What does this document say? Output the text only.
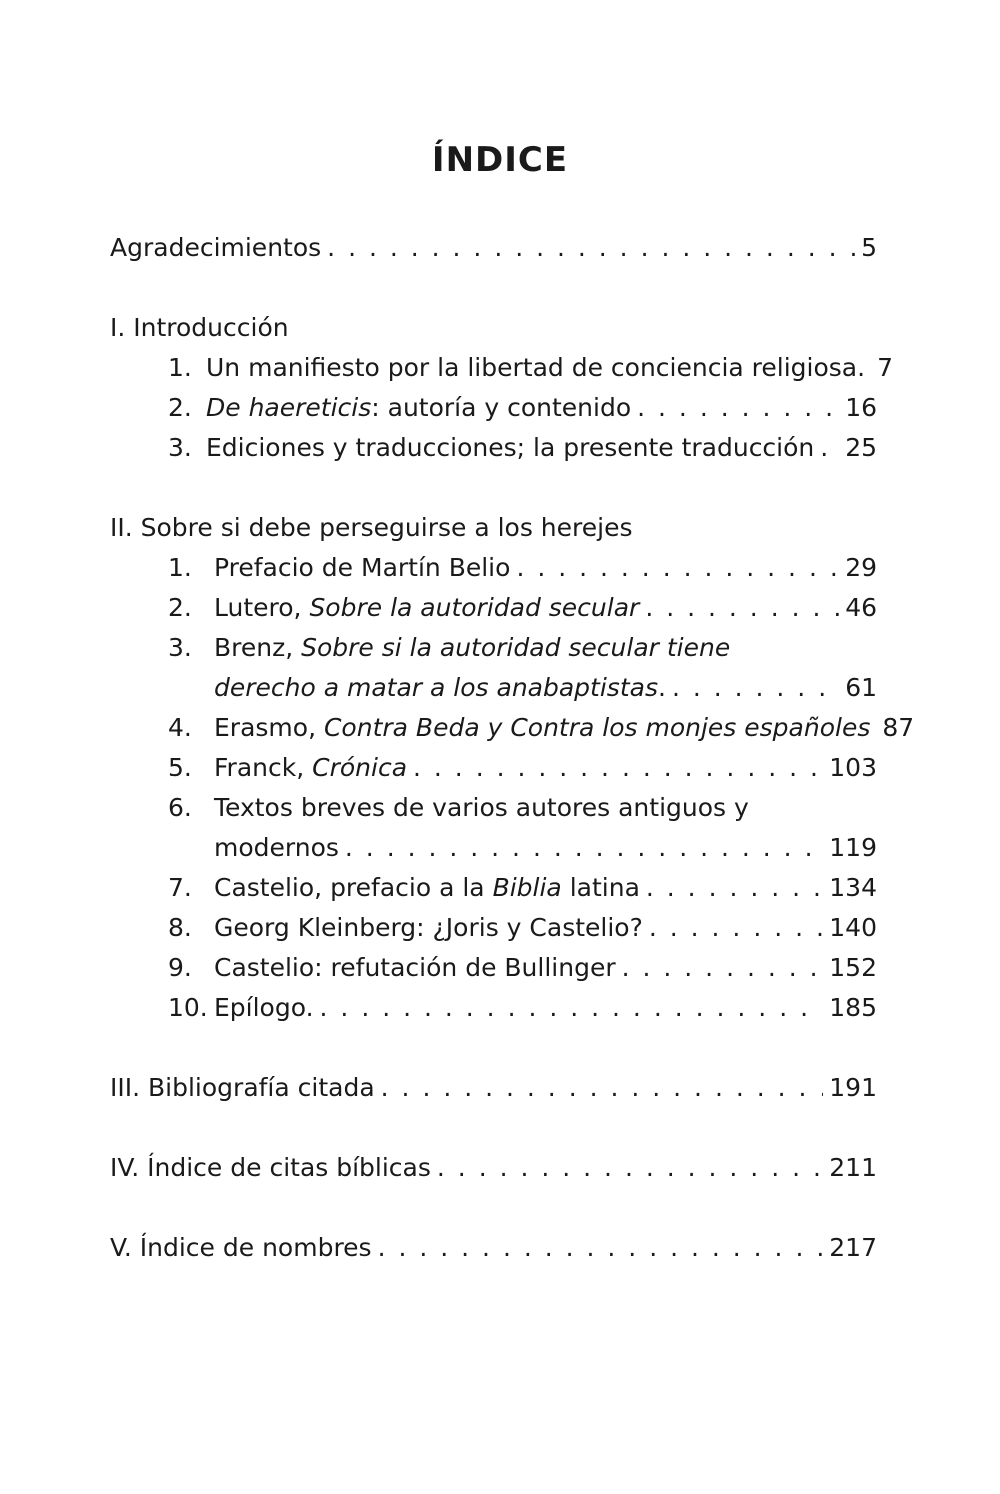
ÍNDICE
Agradecimientos . . .	5
I. Introducción
1. Un manifiesto por la libertad de conciencia religiosa. 7
2. De haereticis: autoría y contenido . . .	16
3. Ediciones y traducciones; la presente traducción . . . 25
II. Sobre si debe perseguirse a los herejes
1. Prefacio de Martín Belio . . .	29
2. Lutero, Sobre la autoridad secular . . .	46
3. Brenz, Sobre si la autoridad secular tiene
derecho a matar a los anabaptistas. . . .	61
4. Erasmo, Contra Beda y Contra los monjes españoles 87
5. Franck, Crónica . . .	103
6. Textos breves de varios autores antiguos y
modernos . . .	119
7. Castelio, prefacio a la Biblia latina . . .	134
8. Georg Kleinberg: ¿Joris y Castelio? . . .	140
9. Castelio: refutación de Bullinger . . .	152
10. Epílogo. . . .	185
III. Bibliografía citada . . .	191
IV. Índice de citas bíblicas . . .	211
V. Índice de nombres . . .	217
